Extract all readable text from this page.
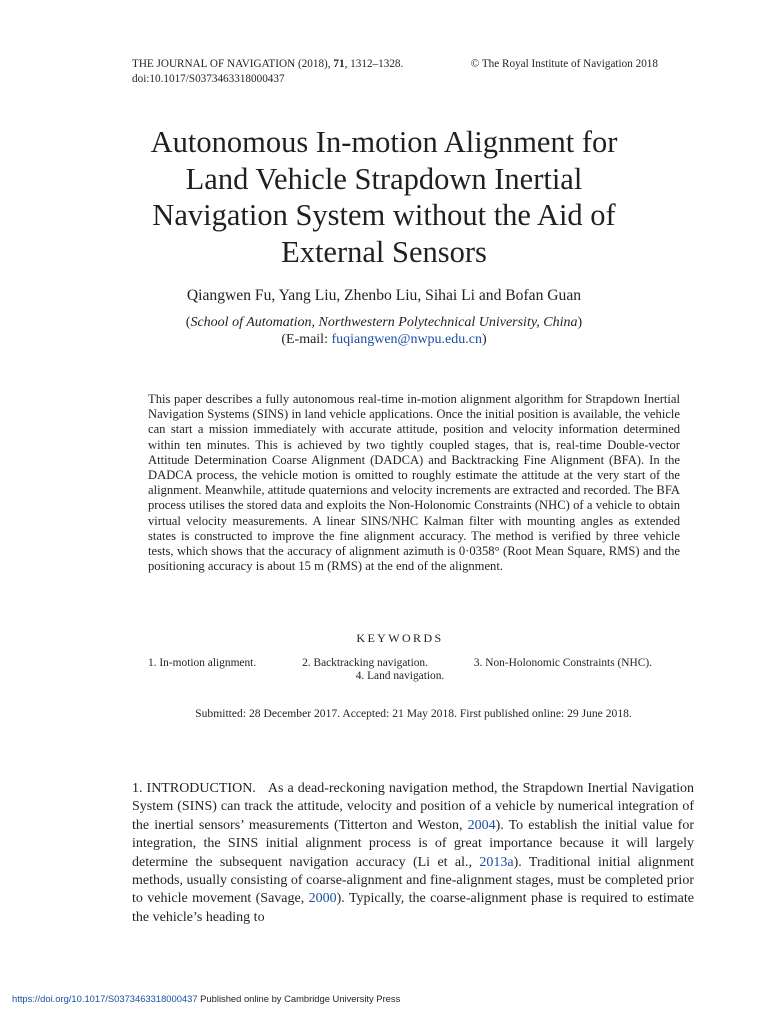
THE JOURNAL OF NAVIGATION (2018), 71, 1312–1328.	© The Royal Institute of Navigation 2018
doi:10.1017/S0373463318000437
Autonomous In-motion Alignment for
Land Vehicle Strapdown Inertial
Navigation System without the Aid of
External Sensors
Qiangwen Fu, Yang Liu, Zhenbo Liu, Sihai Li and Bofan Guan
(School of Automation, Northwestern Polytechnical University, China)
(E-mail: fuqiangwen@nwpu.edu.cn)

This paper describes a fully autonomous real-time in-motion alignment algorithm for Strapdown Inertial Navigation Systems (SINS) in land vehicle applications. Once the initial position is available, the vehicle can start a mission immediately with accurate attitude, position and velocity information determined within ten minutes. This is achieved by two tightly coupled stages, that is, real-time Double-vector Attitude Determination Coarse Alignment (DADCA) and Backtracking Fine Alignment (BFA). In the DADCA process, the vehicle motion is omitted to roughly estimate the attitude at the very start of the alignment. Meanwhile, attitude quaternions and velocity increments are extracted and recorded. The BFA process utilises the stored data and exploits the Non-Holonomic Constraints (NHC) of a vehicle to obtain virtual velocity measurements. A linear SINS/NHC Kalman filter with mounting angles as extended states is constructed to improve the fine alignment accuracy. The method is verified by three vehicle tests, which shows that the accuracy of alignment azimuth is 0·0358° (Root Mean Square, RMS) and the positioning accuracy is about 15 m (RMS) at the end of the alignment.

KEYWORDS
1. In-motion alignment.	2. Backtracking navigation.	3. Non-Holonomic Constraints (NHC).
4. Land navigation.
Submitted: 28 December 2017. Accepted: 21 May 2018. First published online: 29 June 2018.

1. INTRODUCTION. As a dead-reckoning navigation method, the Strapdown Inertial Navigation System (SINS) can track the attitude, velocity and position of a vehicle by numerical integration of the inertial sensors’ measurements (Titterton and Weston, 2004). To establish the initial value for integration, the SINS initial alignment process is of great importance because it will largely determine the subsequent navigation accuracy (Li et al., 2013a). Traditional initial alignment methods, usually consisting of coarse-alignment and fine-alignment stages, must be completed prior to vehicle movement (Savage, 2000). Typically, the coarse-alignment phase is required to estimate the vehicle’s heading to

https://doi.org/10.1017/S0373463318000437 Published online by Cambridge University Press
